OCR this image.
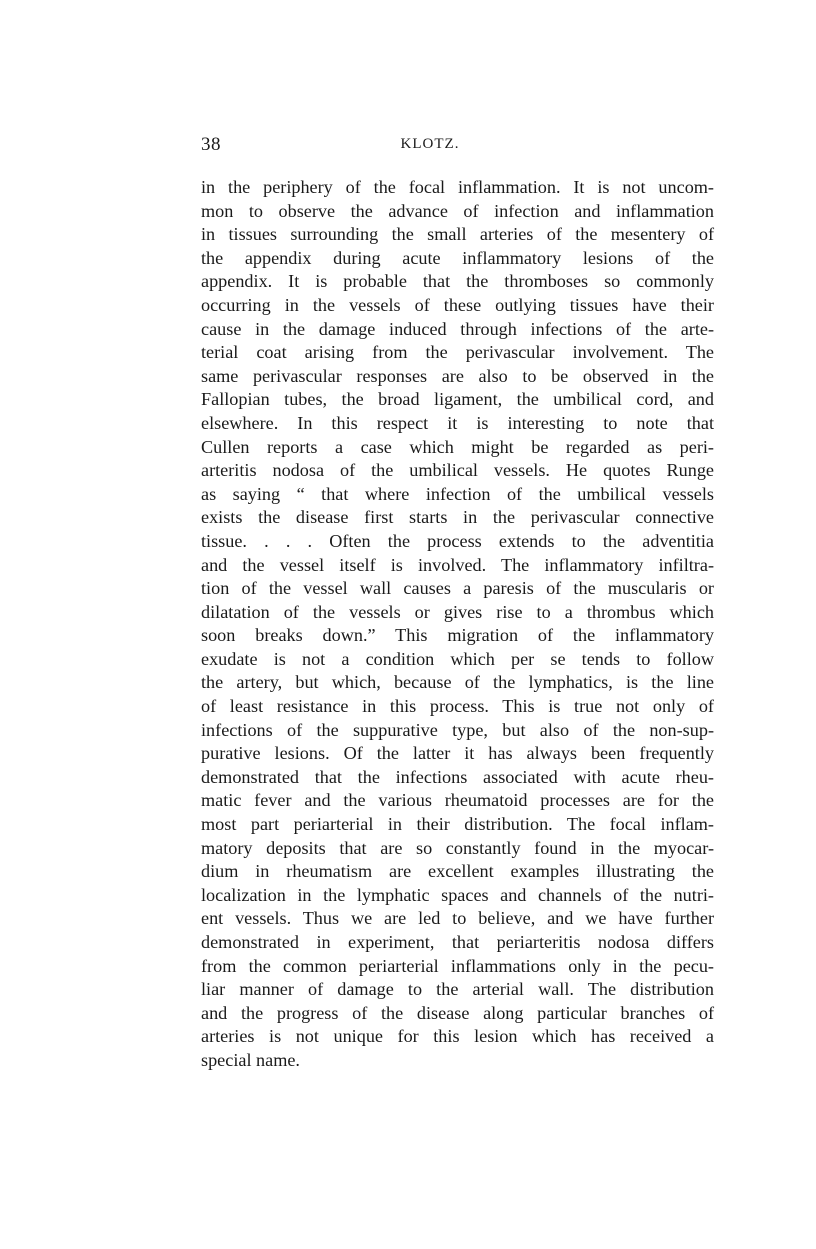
38	KLOTZ.
in the periphery of the focal inflammation. It is not uncom-
mon to observe the advance of infection and inflammation
in tissues surrounding the small arteries of the mesentery of
the appendix during acute inflammatory lesions of the
appendix. It is probable that the thromboses so commonly
occurring in the vessels of these outlying tissues have their
cause in the damage induced through infections of the arte-
terial coat arising from the perivascular involvement. The
same perivascular responses are also to be observed in the
Fallopian tubes, the broad ligament, the umbilical cord, and
elsewhere. In this respect it is interesting to note that
Cullen reports a case which might be regarded as peri-
arteritis nodosa of the umbilical vessels. He quotes Runge
as saying “ that where infection of the umbilical vessels
exists the disease first starts in the perivascular connective
tissue. . . . Often the process extends to the adventitia
and the vessel itself is involved. The inflammatory infiltra-
tion of the vessel wall causes a paresis of the muscularis or
dilatation of the vessels or gives rise to a thrombus which
soon breaks down.” This migration of the inflammatory
exudate is not a condition which per se tends to follow
the artery, but which, because of the lymphatics, is the line
of least resistance in this process. This is true not only of
infections of the suppurative type, but also of the non-sup-
purative lesions. Of the latter it has always been frequently
demonstrated that the infections associated with acute rheu-
matic fever and the various rheumatoid processes are for the
most part periarterial in their distribution. The focal inflam-
matory deposits that are so constantly found in the myocar-
dium in rheumatism are excellent examples illustrating the
localization in the lymphatic spaces and channels of the nutri-
ent vessels. Thus we are led to believe, and we have further
demonstrated in experiment, that periarteritis nodosa differs
from the common periarterial inflammations only in the pecu-
liar manner of damage to the arterial wall. The distribution
and the progress of the disease along particular branches of
arteries is not unique for this lesion which has received a
special name.
